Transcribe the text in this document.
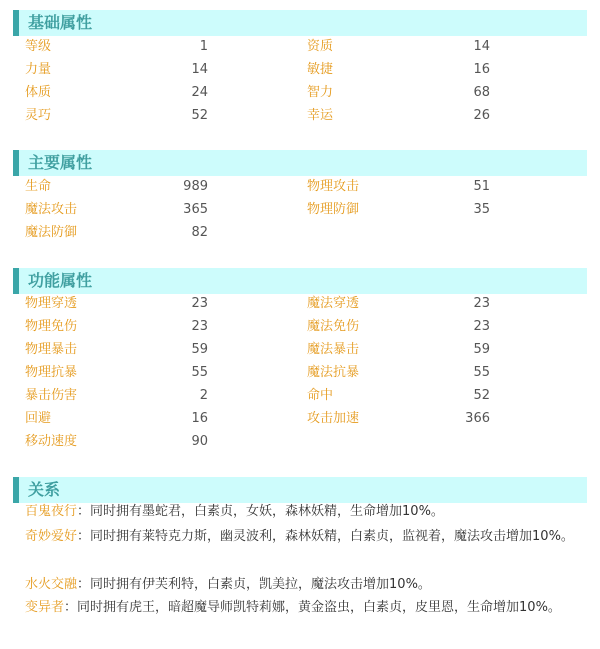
基础属性
等级	1	资质	14
力量	14	敏捷	16
体质	24	智力	68
灵巧	52	幸运	26
主要属性
生命	989	物理攻击	51
魔法攻击	365	物理防御	35
魔法防御	82
功能属性
物理穿透	23	魔法穿透	23
物理免伤	23	魔法免伤	23
物理暴击	59	魔法暴击	59
物理抗暴	55	魔法抗暴	55
暴击伤害	2	命中	52
回避	16	攻击加速	366
移动速度	90
关系
百鬼夜行：同时拥有墨蛇君，白素贞，女妖，森林妖精，生命增加10%。
奇妙爱好：同时拥有莱特克力斯，幽灵波利，森林妖精，白素贞，监视着，魔法攻击增加10%。
水火交融：同时拥有伊芙利特，白素贞，凯美拉，魔法攻击增加10%。
变异者：同时拥有虎王，暗超魔导师凯特莉娜，黄金盗虫，白素贞，皮里恩，生命增加10%。
